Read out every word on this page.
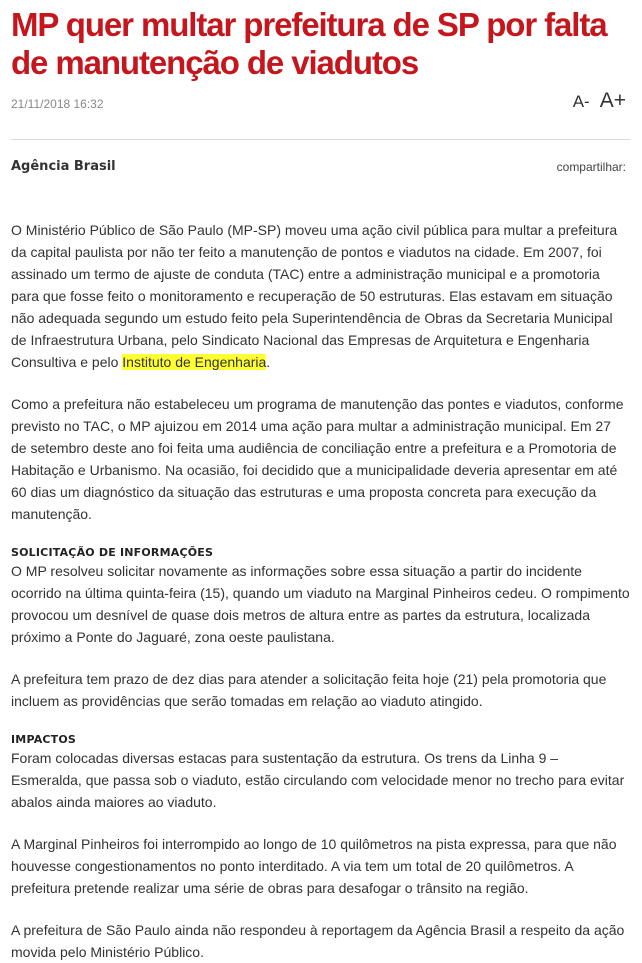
MP quer multar prefeitura de SP por falta de manutenção de viadutos
21/11/2018 16:32	A- A+
Agência Brasil	compartilhar:

O Ministério Público de São Paulo (MP-SP) moveu uma ação civil pública para multar a prefeitura da capital paulista por não ter feito a manutenção de pontos e viadutos na cidade. Em 2007, foi assinado um termo de ajuste de conduta (TAC) entre a administração municipal e a promotoria para que fosse feito o monitoramento e recuperação de 50 estruturas. Elas estavam em situação não adequada segundo um estudo feito pela Superintendência de Obras da Secretaria Municipal de Infraestrutura Urbana, pelo Sindicato Nacional das Empresas de Arquitetura e Engenharia Consultiva e pelo Instituto de Engenharia.

Como a prefeitura não estabeleceu um programa de manutenção das pontes e viadutos, conforme previsto no TAC, o MP ajuizou em 2014 uma ação para multar a administração municipal. Em 27 de setembro deste ano foi feita uma audiência de conciliação entre a prefeitura e a Promotoria de Habitação e Urbanismo. Na ocasião, foi decidido que a municipalidade deveria apresentar em até 60 dias um diagnóstico da situação das estruturas e uma proposta concreta para execução da manutenção.

SOLICITAÇÃO DE INFORMAÇÕES

O MP resolveu solicitar novamente as informações sobre essa situação a partir do incidente ocorrido na última quinta-feira (15), quando um viaduto na Marginal Pinheiros cedeu. O rompimento provocou um desnível de quase dois metros de altura entre as partes da estrutura, localizada próximo a Ponte do Jaguaré, zona oeste paulistana.

A prefeitura tem prazo de dez dias para atender a solicitação feita hoje (21) pela promotoria que incluem as providências que serão tomadas em relação ao viaduto atingido.

IMPACTOS

Foram colocadas diversas estacas para sustentação da estrutura. Os trens da Linha 9 – Esmeralda, que passa sob o viaduto, estão circulando com velocidade menor no trecho para evitar abalos ainda maiores ao viaduto.

A Marginal Pinheiros foi interrompido ao longo de 10 quilômetros na pista expressa, para que não houvesse congestionamentos no ponto interditado. A via tem um total de 20 quilômetros. A prefeitura pretende realizar uma série de obras para desafogar o trânsito na região.

A prefeitura de São Paulo ainda não respondeu à reportagem da Agência Brasil a respeito da ação movida pelo Ministério Público.
